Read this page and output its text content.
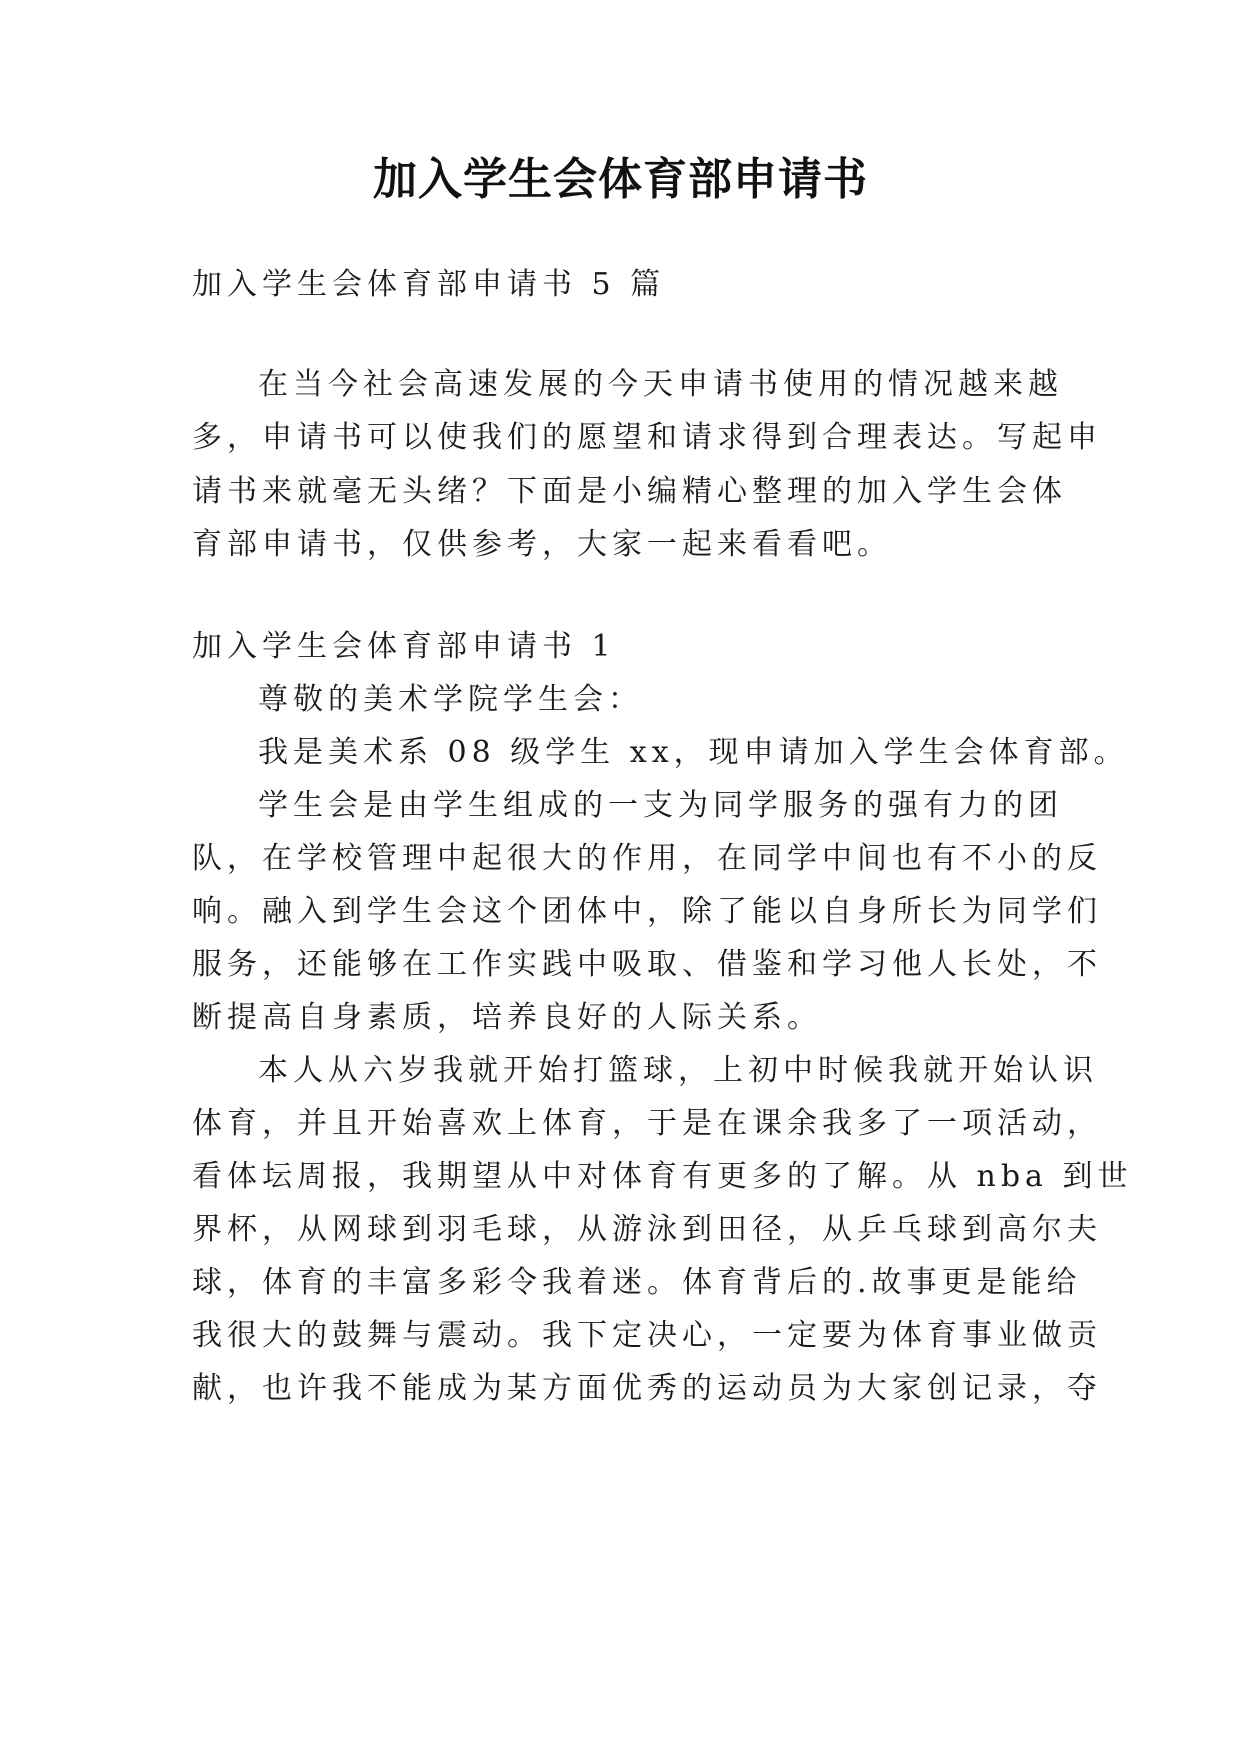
加入学生会体育部申请书
加入学生会体育部申请书 5 篇
在当今社会高速发展的今天申请书使用的情况越来越
多，申请书可以使我们的愿望和请求得到合理表达。写起申
请书来就毫无头绪？下面是小编精心整理的加入学生会体
育部申请书，仅供参考，大家一起来看看吧。
加入学生会体育部申请书 1
尊敬的美术学院学生会：
我是美术系 08 级学生 xx，现申请加入学生会体育部。
学生会是由学生组成的一支为同学服务的强有力的团
队，在学校管理中起很大的作用，在同学中间也有不小的反
响。融入到学生会这个团体中，除了能以自身所长为同学们
服务，还能够在工作实践中吸取、借鉴和学习他人长处，不
断提高自身素质，培养良好的人际关系。
本人从六岁我就开始打篮球，上初中时候我就开始认识
体育，并且开始喜欢上体育，于是在课余我多了一项活动，
看体坛周报，我期望从中对体育有更多的了解。从 nba 到世
界杯，从网球到羽毛球，从游泳到田径，从乒乓球到高尔夫
球，体育的丰富多彩令我着迷。体育背后的.故事更是能给
我很大的鼓舞与震动。我下定决心，一定要为体育事业做贡
献，也许我不能成为某方面优秀的运动员为大家创记录，夺
